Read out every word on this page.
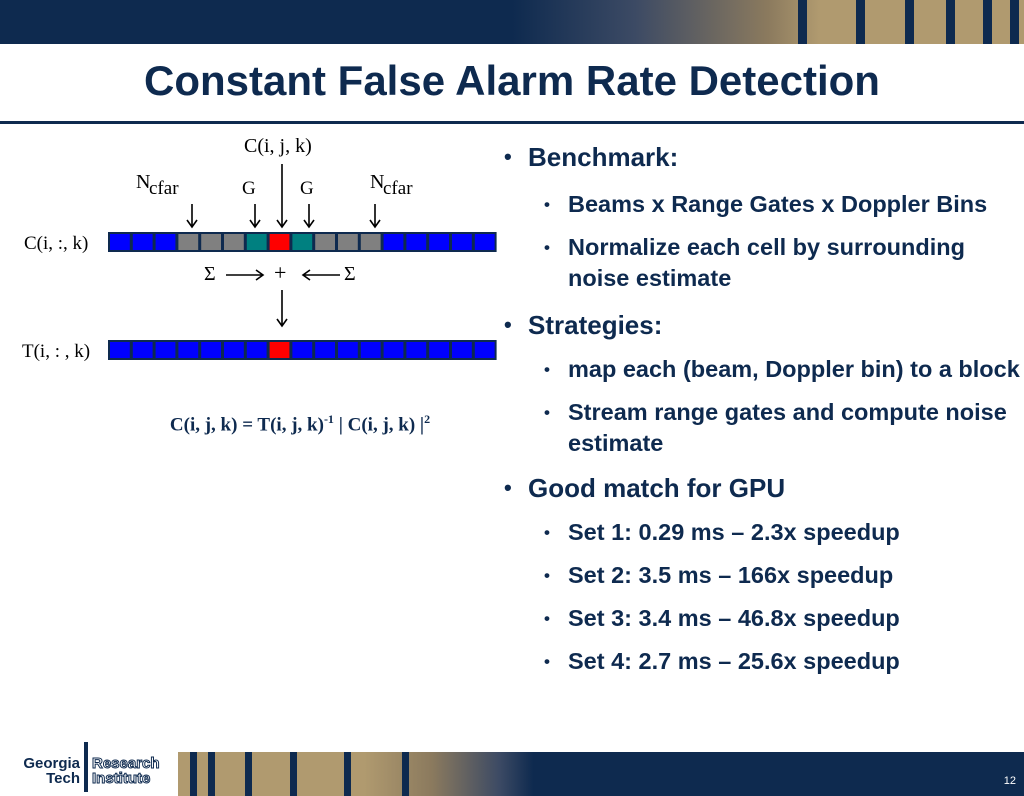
Constant False Alarm Rate Detection
C(i, j, k)
N
cfar	G G	N
cfar
C(i, :, k)
Σ	+	Σ
T(i, : , k)
C(i, j, k) = T(i, j, k)$^{-1}$ | C(i, j, k) $|^2$
• Benchmark:
• Beams x Range Gates x Doppler Bins
• Normalize each cell by surrounding noise estimate
• Strategies:
• map each (beam, Doppler bin) to a block
• Stream range gates and compute noise estimate
• Good match for GPU
• Set 1: 0.29 ms – 2.3x speedup
• Set 2: 3.5 ms – 166x speedup
• Set 3: 3.4 ms – 46.8x speedup
• Set 4: 2.7 ms – 25.6x speedup
12
Georgia
Tech
Research
Institute
